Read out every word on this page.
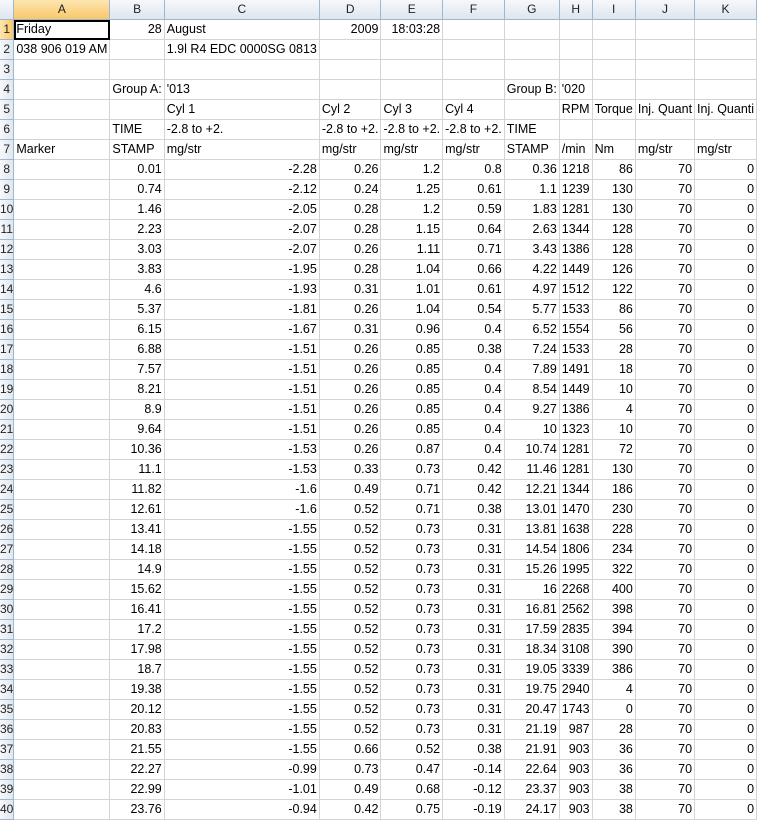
	A	B	C	D	E	F	G	H	I	J	K
1	Friday	28	August	2009	18:03:28						
2	038 906 019 AM		1.9l R4 EDC 0000SG 0813								
3											
4		Group A:	'013				Group B:	'020			
5			Cyl 1	Cyl 2	Cyl 3	Cyl 4		RPM	Torque	Inj. Quant	Inj. Quanti
6		TIME	-2.8 to +2.	-2.8 to +2.	-2.8 to +2.	-2.8 to +2.	TIME				
7	Marker	STAMP	mg/str	mg/str	mg/str	mg/str	STAMP	/min	Nm	mg/str	mg/str
8		0.01	-2.28	0.26	1.2	0.8	0.36	1218	86	70	0
9		0.74	-2.12	0.24	1.25	0.61	1.1	1239	130	70	0
10		1.46	-2.05	0.28	1.2	0.59	1.83	1281	130	70	0
11		2.23	-2.07	0.28	1.15	0.64	2.63	1344	128	70	0
12		3.03	-2.07	0.26	1.11	0.71	3.43	1386	128	70	0
13		3.83	-1.95	0.28	1.04	0.66	4.22	1449	126	70	0
14		4.6	-1.93	0.31	1.01	0.61	4.97	1512	122	70	0
15		5.37	-1.81	0.26	1.04	0.54	5.77	1533	86	70	0
16		6.15	-1.67	0.31	0.96	0.4	6.52	1554	56	70	0
17		6.88	-1.51	0.26	0.85	0.38	7.24	1533	28	70	0
18		7.57	-1.51	0.26	0.85	0.4	7.89	1491	18	70	0
19		8.21	-1.51	0.26	0.85	0.4	8.54	1449	10	70	0
20		8.9	-1.51	0.26	0.85	0.4	9.27	1386	4	70	0
21		9.64	-1.51	0.26	0.85	0.4	10	1323	10	70	0
22		10.36	-1.53	0.26	0.87	0.4	10.74	1281	72	70	0
23		11.1	-1.53	0.33	0.73	0.42	11.46	1281	130	70	0
24		11.82	-1.6	0.49	0.71	0.42	12.21	1344	186	70	0
25		12.61	-1.6	0.52	0.71	0.38	13.01	1470	230	70	0
26		13.41	-1.55	0.52	0.73	0.31	13.81	1638	228	70	0
27		14.18	-1.55	0.52	0.73	0.31	14.54	1806	234	70	0
28		14.9	-1.55	0.52	0.73	0.31	15.26	1995	322	70	0
29		15.62	-1.55	0.52	0.73	0.31	16	2268	400	70	0
30		16.41	-1.55	0.52	0.73	0.31	16.81	2562	398	70	0
31		17.2	-1.55	0.52	0.73	0.31	17.59	2835	394	70	0
32		17.98	-1.55	0.52	0.73	0.31	18.34	3108	390	70	0
33		18.7	-1.55	0.52	0.73	0.31	19.05	3339	386	70	0
34		19.38	-1.55	0.52	0.73	0.31	19.75	2940	4	70	0
35		20.12	-1.55	0.52	0.73	0.31	20.47	1743	0	70	0
36		20.83	-1.55	0.52	0.73	0.31	21.19	987	28	70	0
37		21.55	-1.55	0.66	0.52	0.38	21.91	903	36	70	0
38		22.27	-0.99	0.73	0.47	-0.14	22.64	903	36	70	0
39		22.99	-1.01	0.49	0.68	-0.12	23.37	903	38	70	0
40		23.76	-0.94	0.42	0.75	-0.19	24.17	903	38	70	0
